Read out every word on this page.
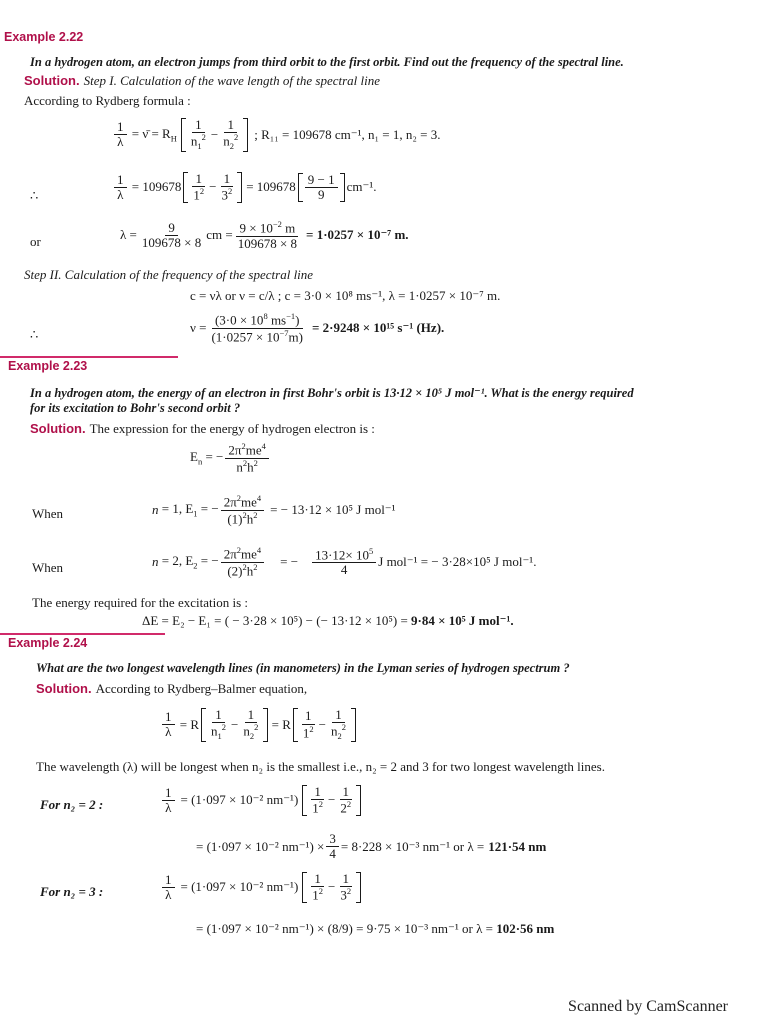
Example 2.22
In a hydrogen atom, an electron jumps from third orbit to the first orbit. Find out the frequency of the spectral line.
Solution. Step I. Calculation of the wave length of the spectral line
According to Rydberg formula :
$\frac{1}{\lambda}$ = ν̄ = $R_H \frac{1}{n_1^2} - \frac{1}{n_2^2}$ ; R₁₁ = 109678 cm⁻¹, n₁ = 1, n₂ = 3.
∴	$\frac{1}{\lambda} = 109678 \frac{1}{1^2} - \frac{1}{3^2} = 109678 \frac{9 - 1}{9} cm^{-1}$.
or	$\lambda = \frac{9}{109678 \times 8}$ cm = $\frac{9 \times 10^{-2} m}{109678 \times 8} = 1\cdot 0257 \times 10^{-7}$ m.
Step II. Calculation of the frequency of the spectral line
c = νλ or ν = c/λ ; c = 3·0 × 10⁸ ms⁻¹, λ = 1·0257 × 10⁻⁷ m.
∴	$\nu = \frac{(3\cdot 0 \times 10^8 ms^{-1})}{(1\cdot 0257 \times 10^{-7}m)} = 2\cdot 9248 \times 10^{15}$ s⁻¹ (Hz).
Example 2.23
In a hydrogen atom, the energy of an electron in first Bohr's orbit is 13·12 × 10⁵ J mol⁻¹. What is the energy required
for its excitation to Bohr's second orbit ?
Solution. The expression for the energy of hydrogen electron is :
$E_n$ = − $\frac{2\pi^2me^4}{n^2h^2}$
When	n = 1, $E_1$ = − $\frac{2\pi^2me^4}{(1)^2h^2}$ = − 13·12 × 10⁵ J mol⁻¹
When	n = 2, $E_2$ = − $\frac{2\pi^2me^4}{(2)^2h^2}$ = − $\frac{13\cdot 12\times 10^5}{4}$ J mol⁻¹ = − 3·28×10⁵ J mol⁻¹.
The energy required for the excitation is :
ΔE = E₂ − E₁ = ( − 3·28 × 10⁵) − (− 13·12 × 10⁵) = 9·84 × 10⁵ J mol⁻¹.
Example 2.24
What are the two longest wavelength lines (in manometers) in the Lyman series of hydrogen spectrum ?
Solution. According to Rydberg–Balmer equation,
$\frac{1}{\lambda} = R \frac{1}{n_1^2} - \frac{1}{n_2^2} = R \frac{1}{1^2} - \frac{1}{n_2^2}$
The wavelength (λ) will be longest when n₂ is the smallest i.e., n₂ = 2 and 3 for two longest wavelength lines.
For n₂ = 2 :	$\frac{1}{\lambda} = (1\cdot 097 \times 10^{-2}$ $nm^{-1}) \frac{1}{1^2} - \frac{1}{2^2}$
= (1·097 × 10⁻² $nm^{-1}) \times \frac{3}{4} = 8\cdot 228 \times 10^{-3}$ nm⁻¹ or λ = 121·54 nm
For n₂ = 3 :	$\frac{1}{\lambda} = (1\cdot 097 \times 10^{-2}$ $nm^{-1}) \frac{1}{1^2} - \frac{1}{3^2}$
= (1·097 × 10⁻² nm⁻¹) × (8/9) = 9·75 × 10⁻³ nm⁻¹ or λ = 102·56 nm
Scanned by CamScanner
